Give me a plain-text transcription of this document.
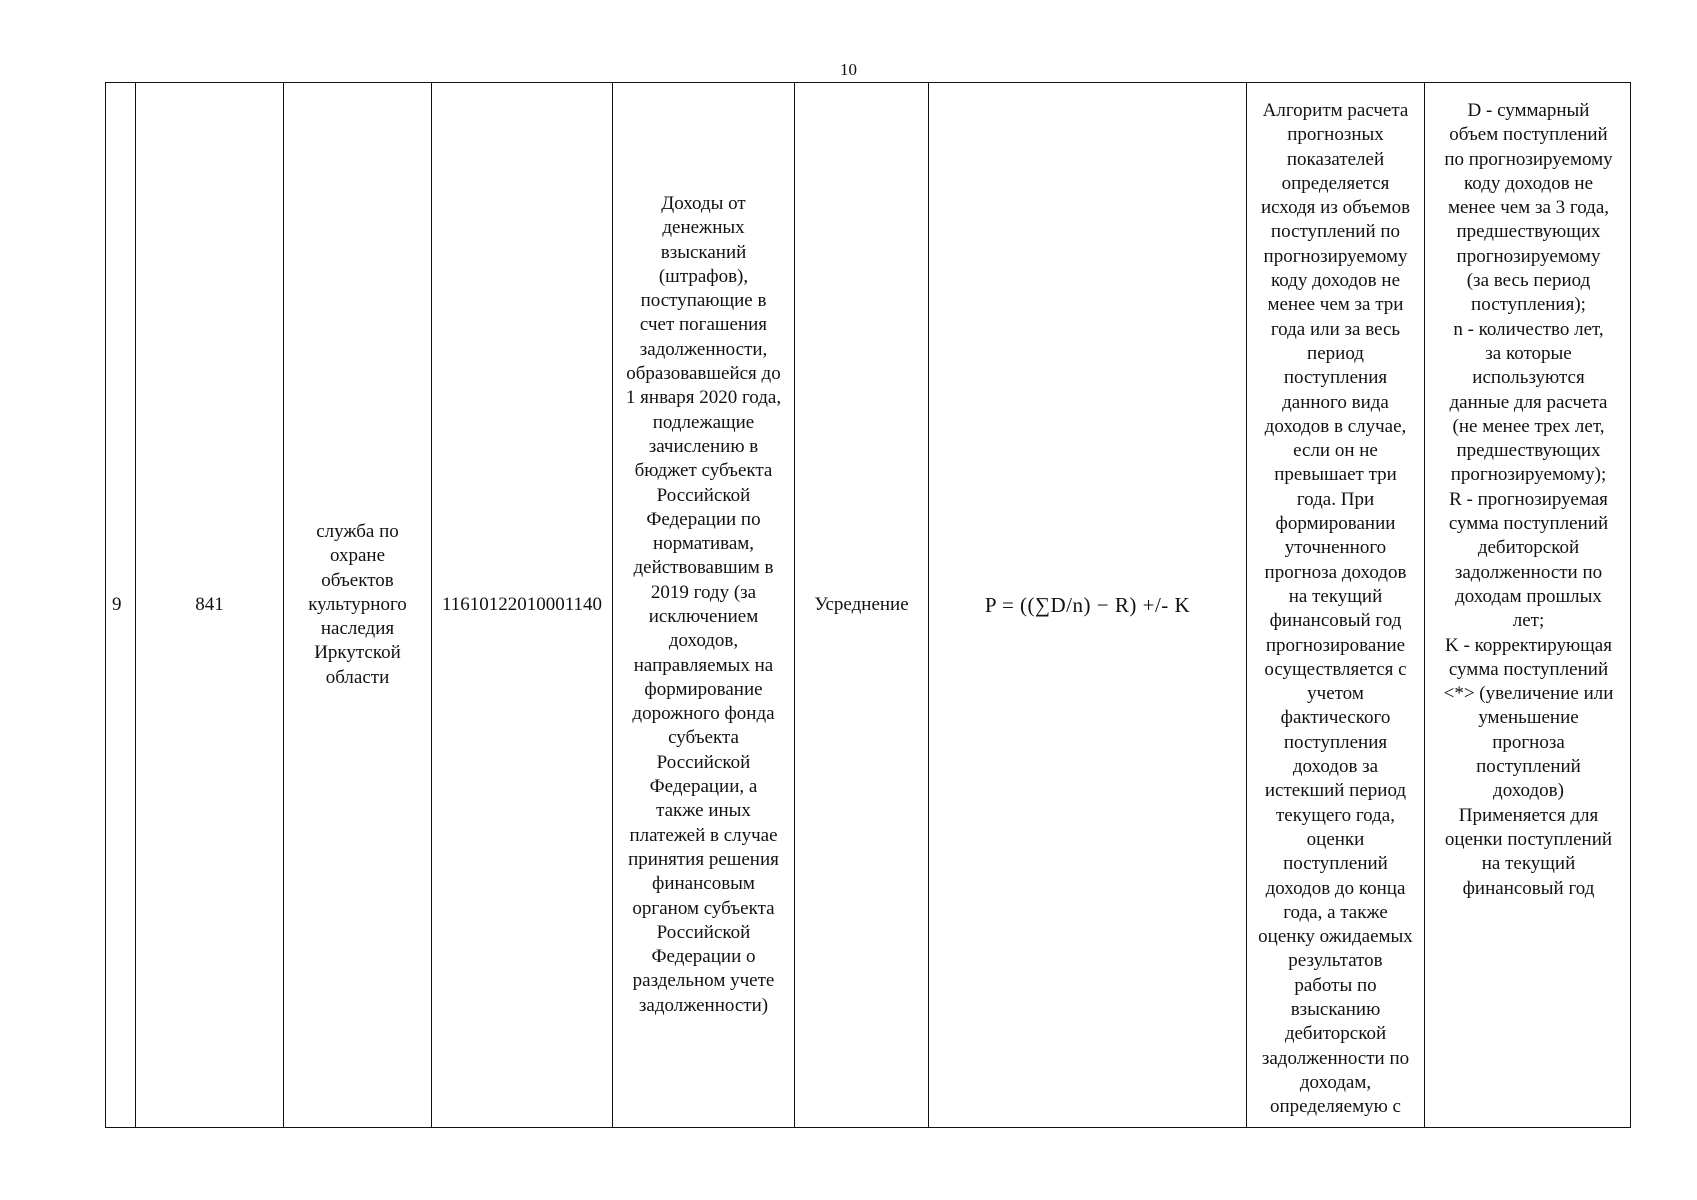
10
9	841
служба по
охране
объектов
культурного
наследия
Иркутской
области
11610122010001140
Доходы от
денежных
взысканий
(штрафов),
поступающие в
счет погашения
задолженности,
образовавшейся до
1 января 2020 года,
подлежащие
зачислению в
бюджет субъекта
Российской
Федерации по
нормативам,
действовавшим в
2019 году (за
исключением
доходов,
направляемых на
формирование
дорожного фонда
субъекта
Российской
Федерации, а
также иных
платежей в случае
принятия решения
финансовым
органом субъекта
Российской
Федерации о
раздельном учете
задолженности)
Усреднение	P = ((∑D/n) − R) +/- K
Алгоритм расчета
прогнозных
показателей
определяется
исходя из объемов
поступлений по
прогнозируемому
коду доходов не
менее чем за три
года или за весь
период
поступления
данного вида
доходов в случае,
если он не
превышает три
года. При
формировании
уточненного
прогноза доходов
на текущий
финансовый год
прогнозирование
осуществляется с
учетом
фактического
поступления
доходов за
истекший период
текущего года,
оценки
поступлений
доходов до конца
года, а также
оценку ожидаемых
результатов
работы по
взысканию
дебиторской
задолженности по
доходам,
определяемую с
D - суммарный
объем поступлений
по прогнозируемому
коду доходов не
менее чем за 3 года,
предшествующих
прогнозируемому
(за весь период
поступления);
n - количество лет,
за которые
используются
данные для расчета
(не менее трех лет,
предшествующих
прогнозируемому);
R - прогнозируемая
сумма поступлений
дебиторской
задолженности по
доходам прошлых
лет;
K - корректирующая
сумма поступлений
<*> (увеличение или
уменьшение
прогноза
поступлений
доходов)
Применяется для
оценки поступлений
на текущий
финансовый год
